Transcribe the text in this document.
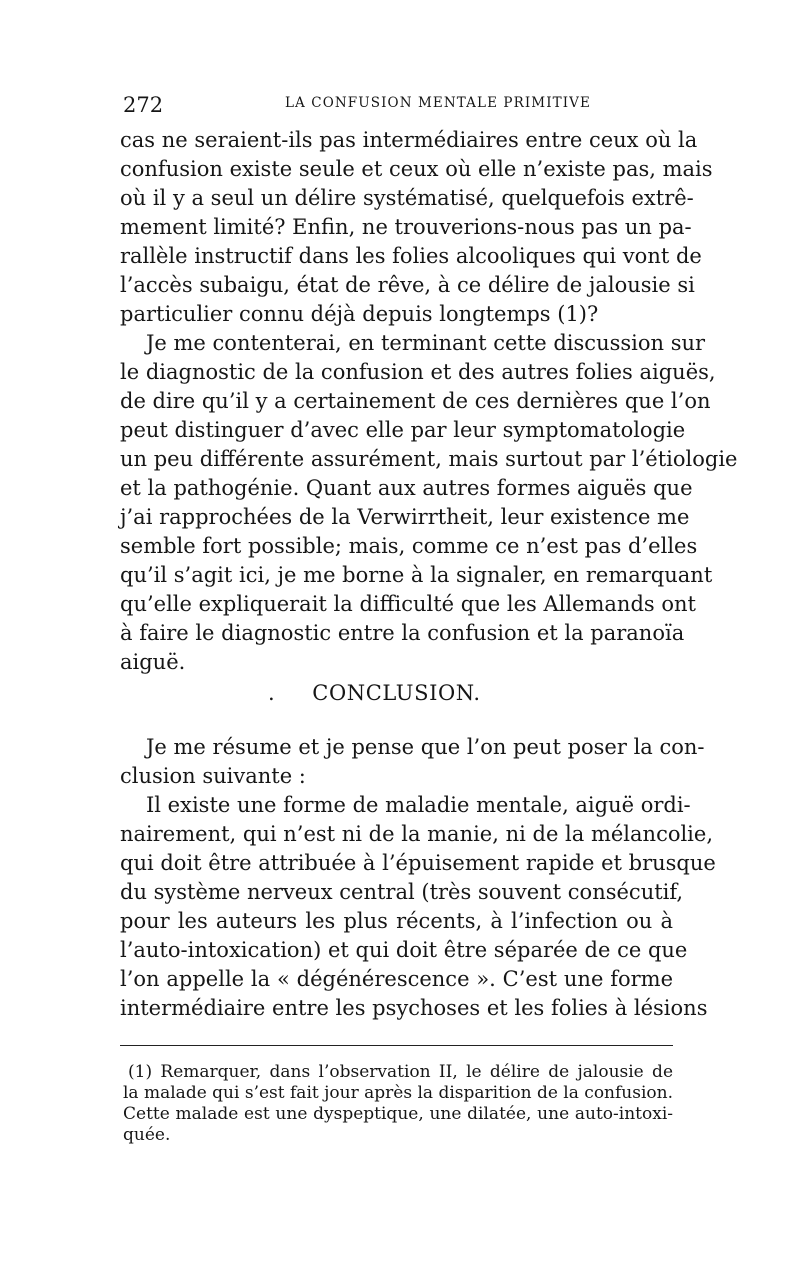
272	LA CONFUSION MENTALE PRIMITIVE
cas ne seraient-ils pas intermédiaires entre ceux où la
confusion existe seule et ceux où elle n’existe pas, mais
où il y a seul un délire systématisé, quelquefois extrê-
mement limité? Enfin, ne trouverions-nous pas un pa-
rallèle instructif dans les folies alcooliques qui vont de
l’accès subaigu, état de rêve, à ce délire de jalousie si
particulier connu déjà depuis longtemps (1)?
Je me contenterai, en terminant cette discussion sur
le diagnostic de la confusion et des autres folies aiguës,
de dire qu’il y a certainement de ces dernières que l’on
peut distinguer d’avec elle par leur symptomatologie
un peu différente assurément, mais surtout par l’étiologie
et la pathogénie. Quant aux autres formes aiguës que
j’ai rapprochées de la Verwirrtheit, leur existence me
semble fort possible; mais, comme ce n’est pas d’elles
qu’il s’agit ici, je me borne à la signaler, en remarquant
qu’elle expliquerait la difficulté que les Allemands ont
à faire le diagnostic entre la confusion et la paranoïa
aiguë.
. CONCLUSION.
Je me résume et je pense que l’on peut poser la con-
clusion suivante :
Il existe une forme de maladie mentale, aiguë ordi-
nairement, qui n’est ni de la manie, ni de la mélancolie,
qui doit être attribuée à l’épuisement rapide et brusque
du système nerveux central (très souvent consécutif,
pour les auteurs les plus récents, à l’infection ou à
l’auto-intoxication) et qui doit être séparée de ce que
l’on appelle la « dégénérescence ». C’est une forme
intermédiaire entre les psychoses et les folies à lésions
(1) Remarquer, dans l’observation II, le délire de jalousie de
la malade qui s’est fait jour après la disparition de la confusion.
Cette malade est une dyspeptique, une dilatée, une auto-intoxi-
quée.
